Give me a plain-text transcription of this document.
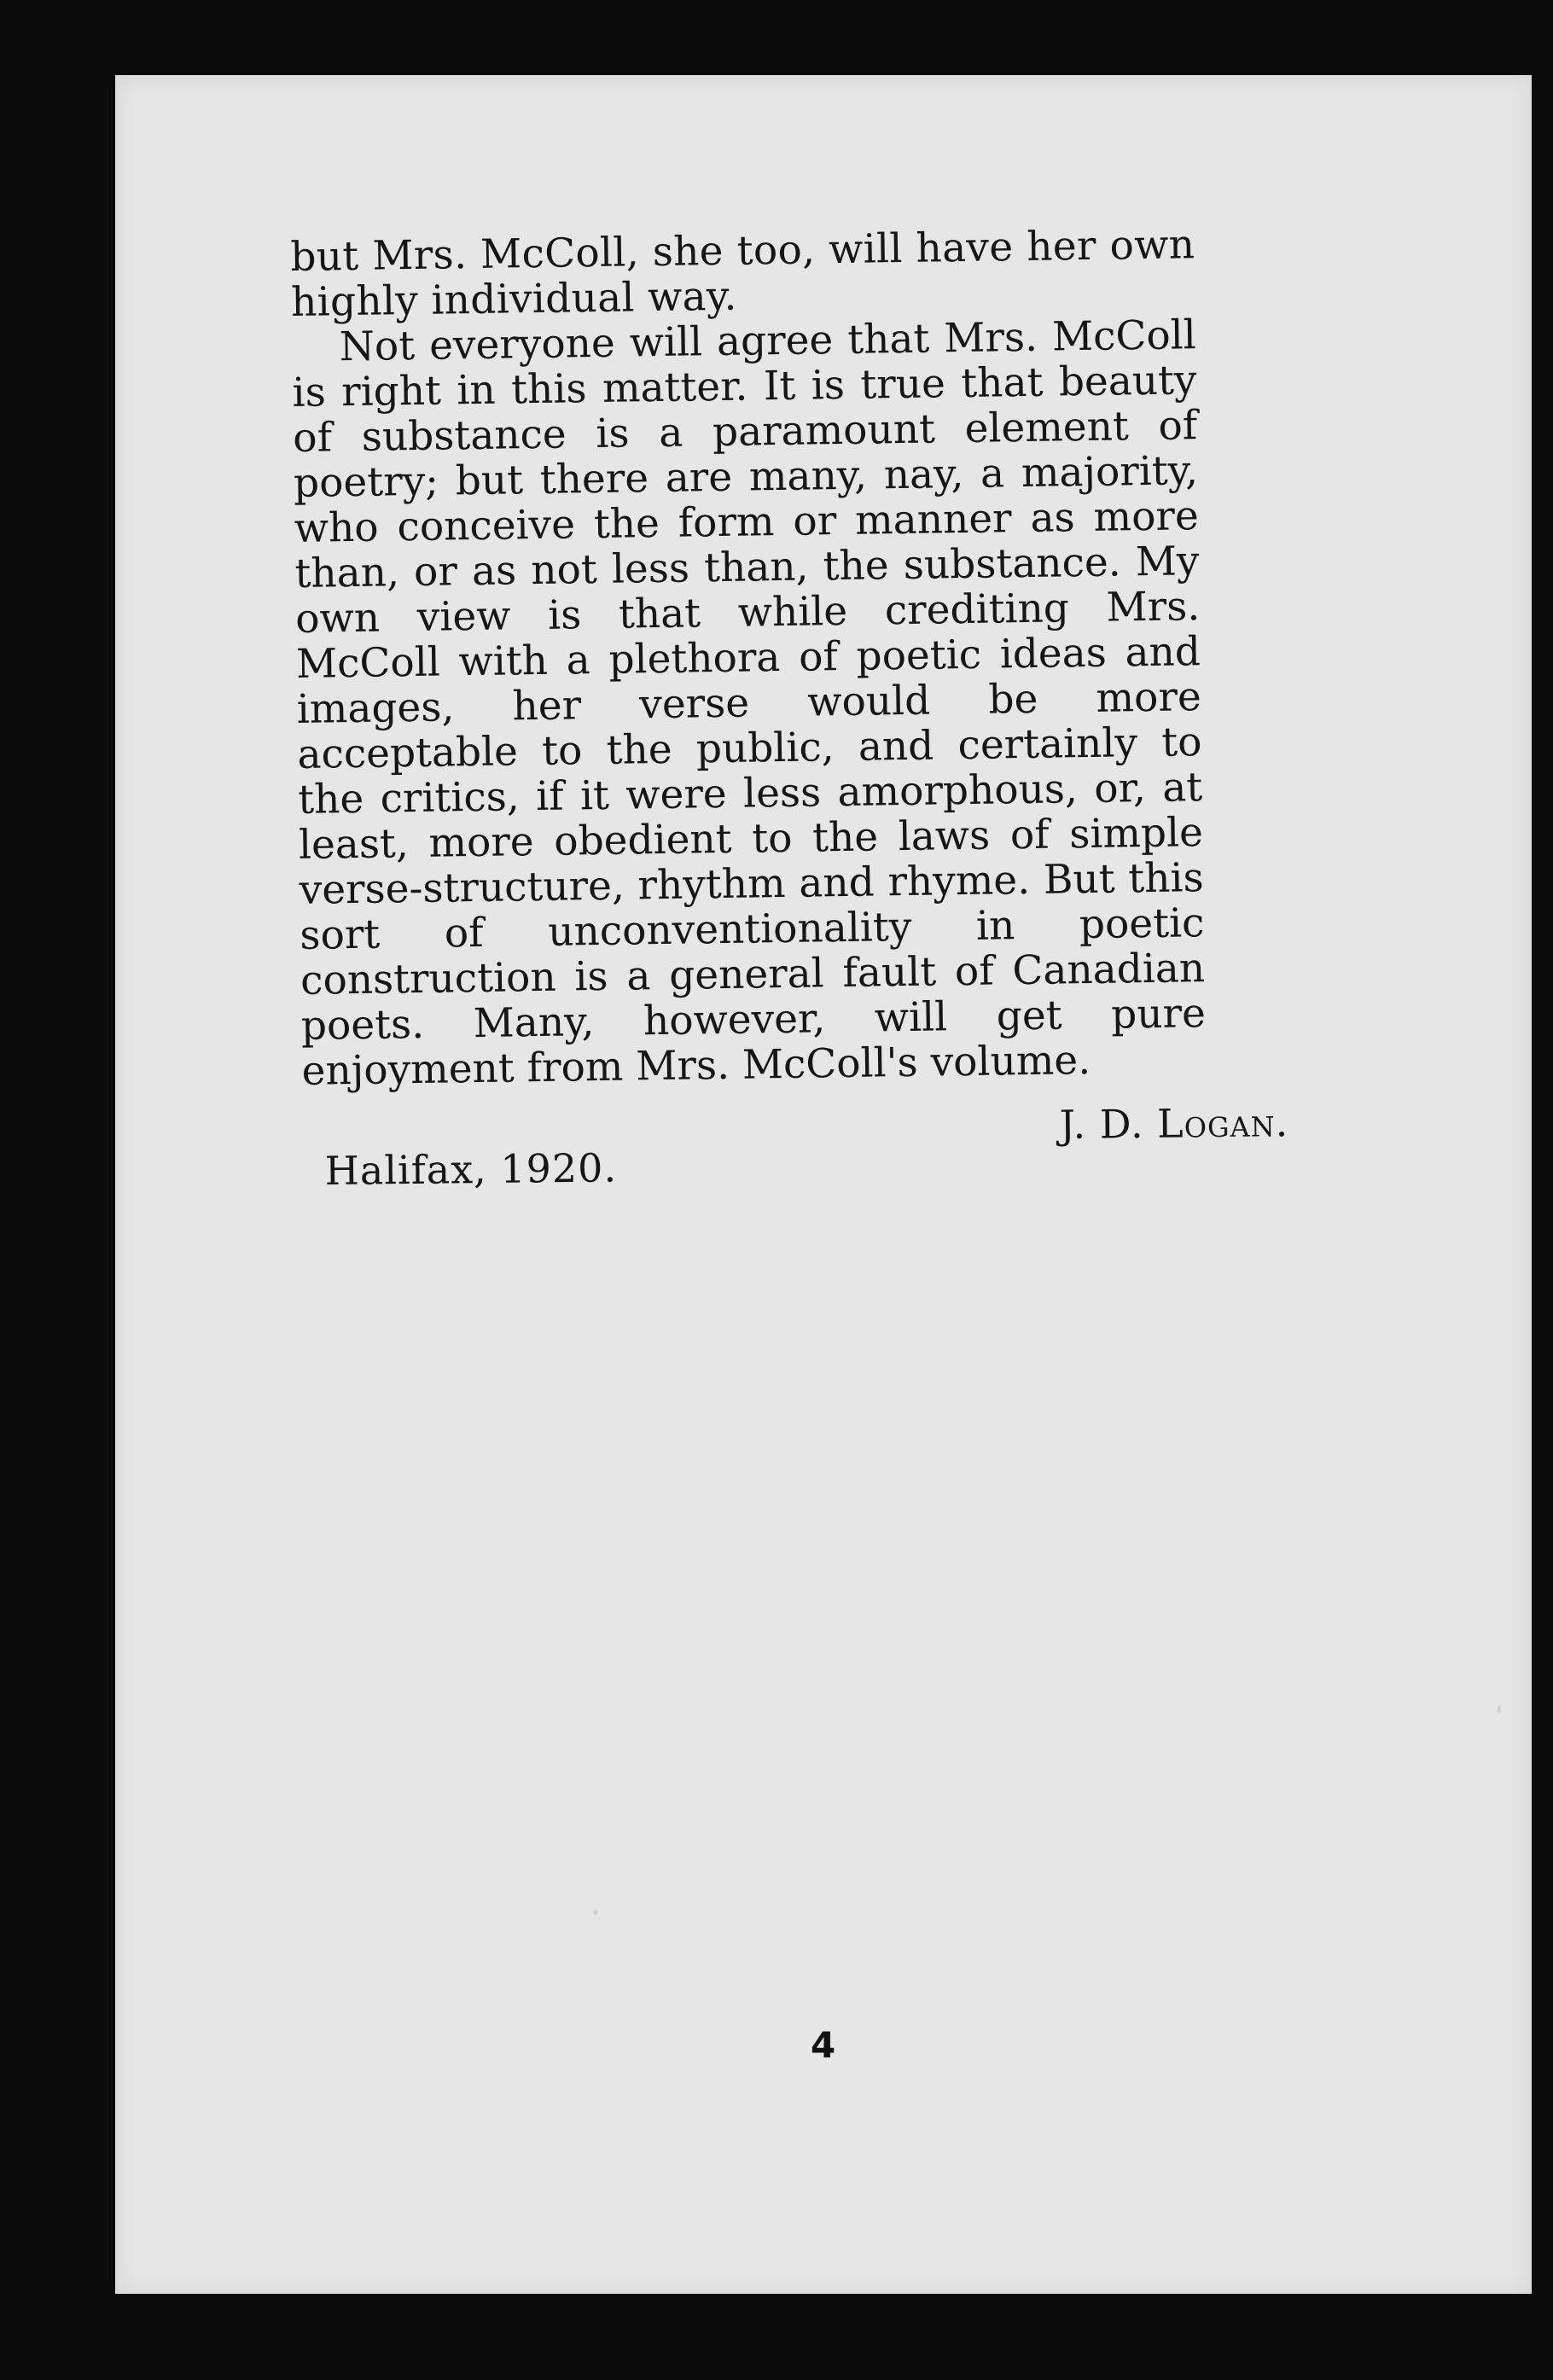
but Mrs. McColl, she too, will have her own highly individual way.

Not everyone will agree that Mrs. McColl is right in this matter. It is true that beauty of substance is a paramount element of poetry; but there are many, nay, a majority, who conceive the form or manner as more than, or as not less than, the substance. My own view is that while crediting Mrs. McColl with a plethora of poetic ideas and images, her verse would be more acceptable to the public, and certainly to the critics, if it were less amorphous, or, at least, more obedient to the laws of simple verse-structure, rhythm and rhyme. But this sort of unconventionality in poetic construction is a general fault of Canadian poets. Many, however, will get pure enjoyment from Mrs. McColl's volume.

Halifax, 1920.
J. D. Logan.
4
